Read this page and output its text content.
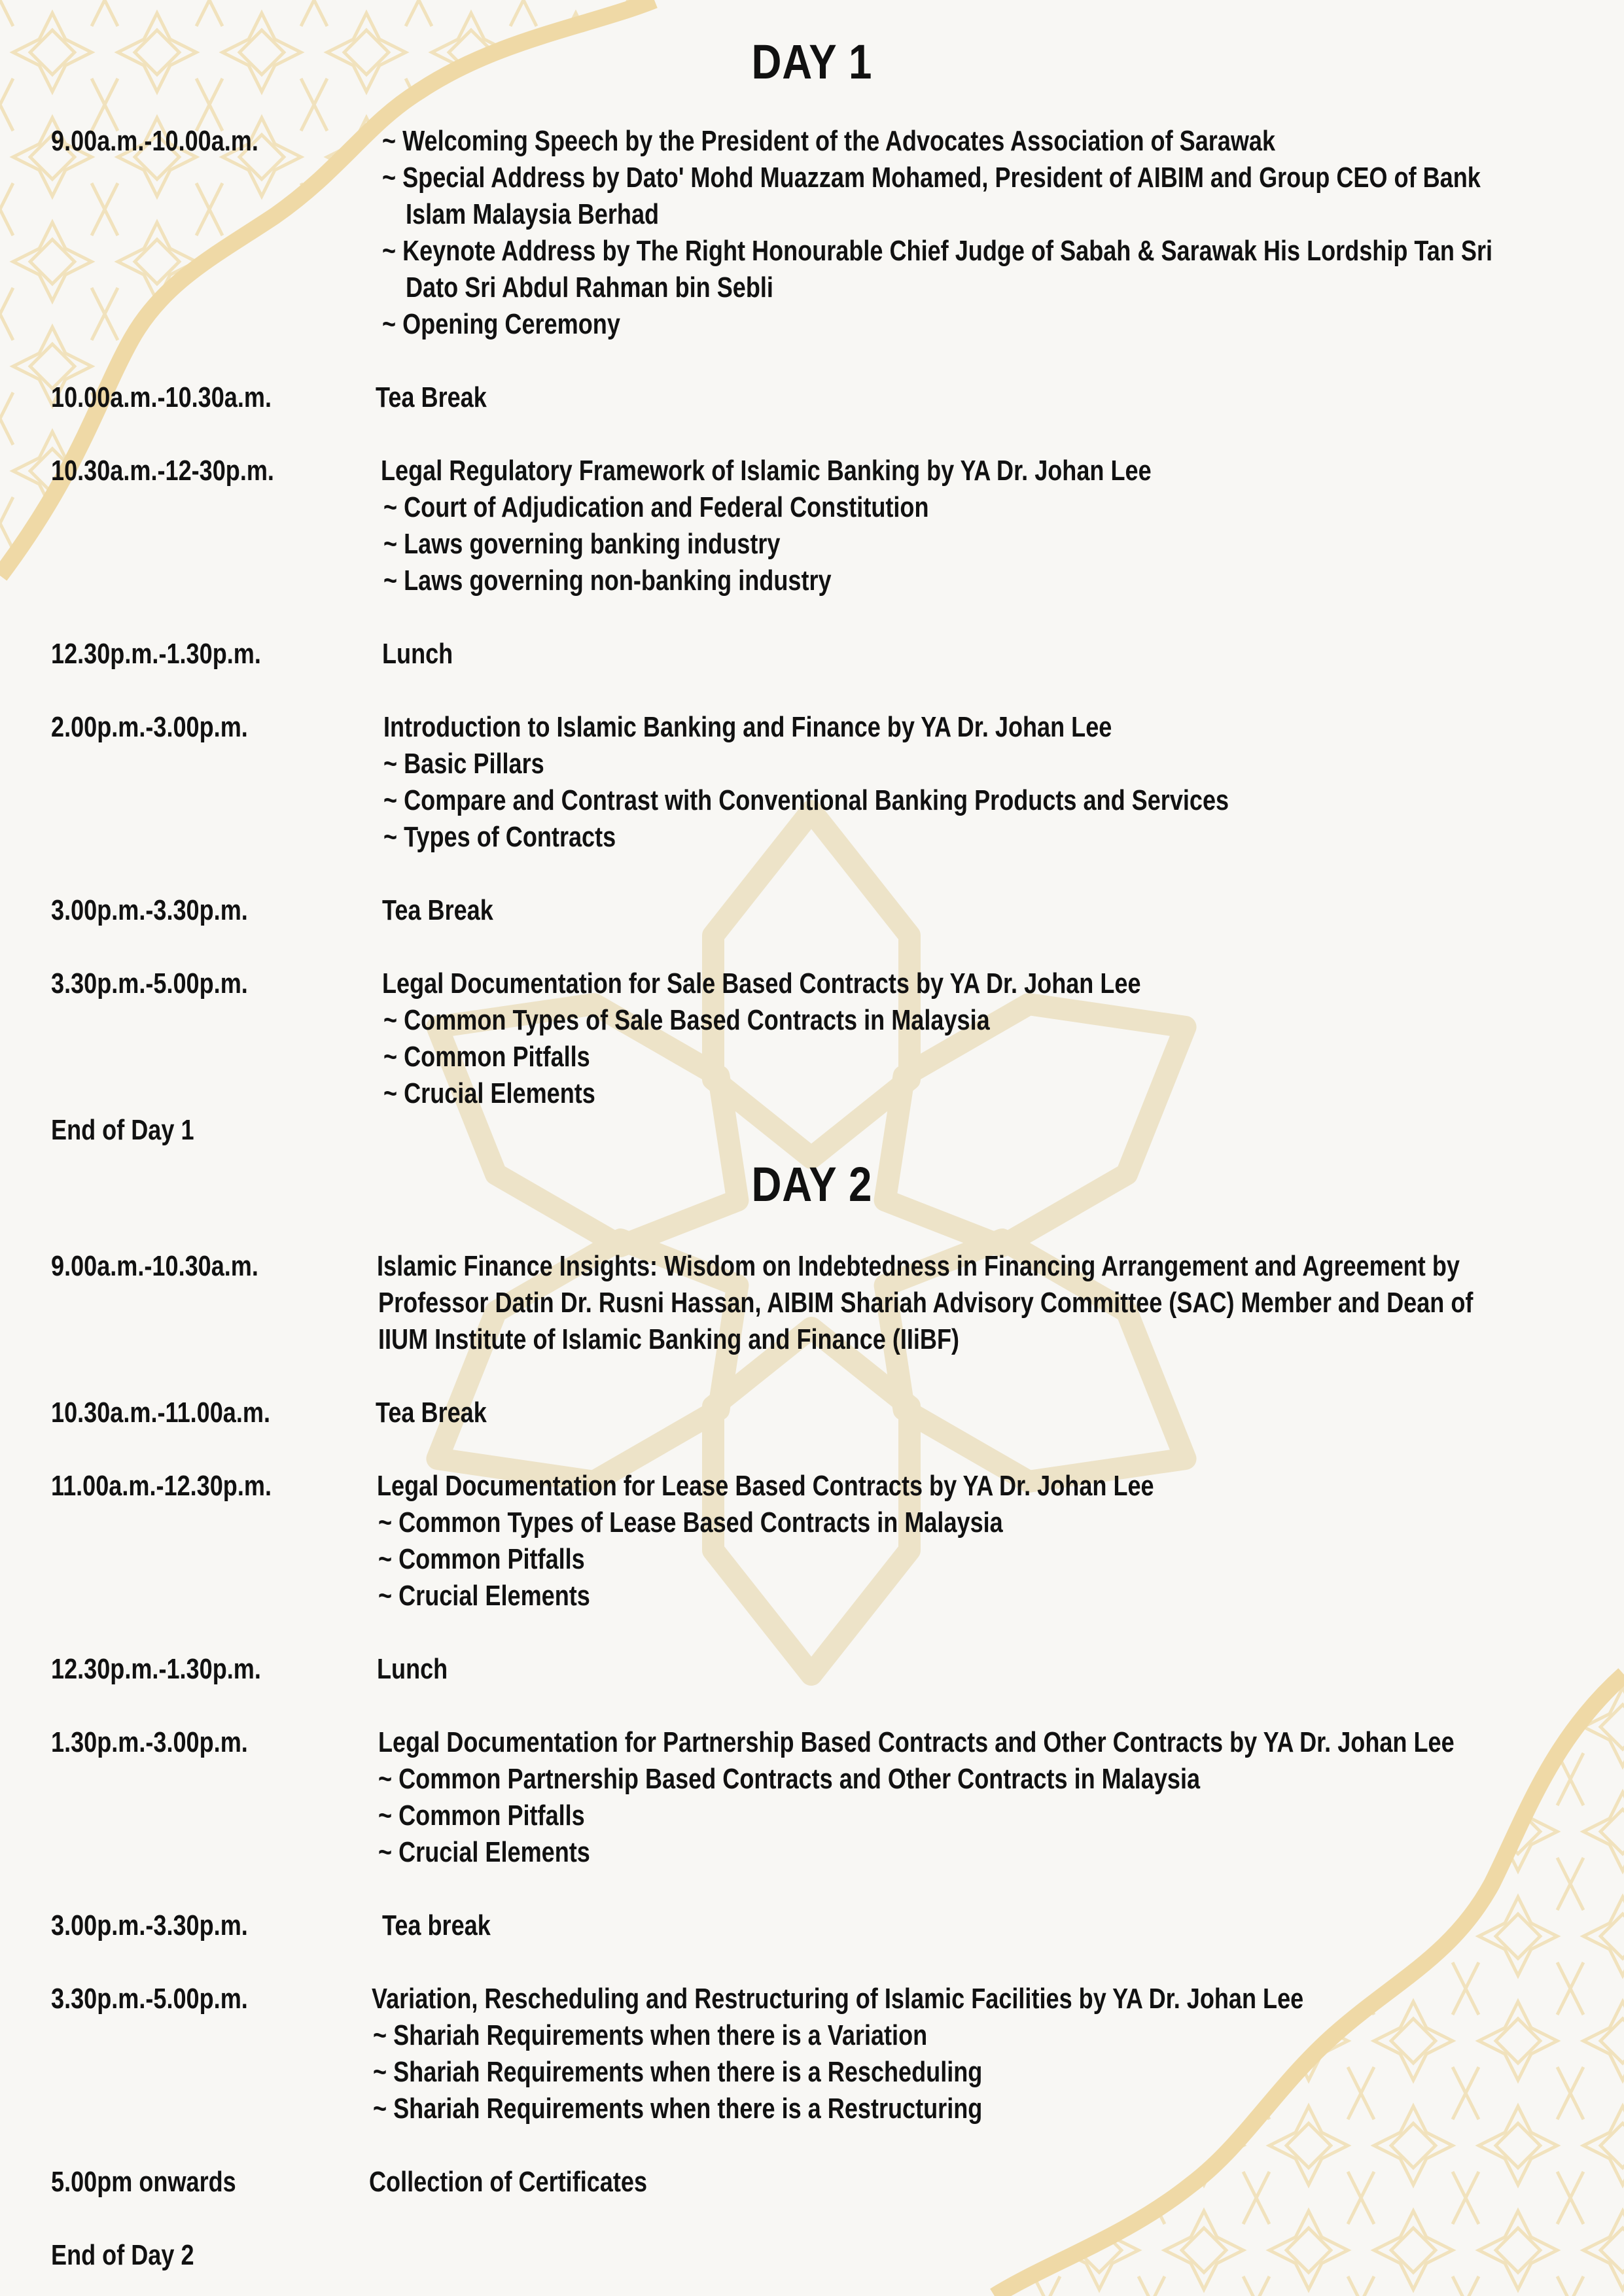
DAY 1
9.00a.m.-10.00a.m.	~ Welcoming Speech by the President of the Advocates Association of Sarawak
~ Special Address by Dato' Mohd Muazzam Mohamed, President of AIBIM and Group CEO of Bank
Islam Malaysia Berhad
~ Keynote Address by The Right Honourable Chief Judge of Sabah & Sarawak His Lordship Tan Sri
Dato Sri Abdul Rahman bin Sebli
~ Opening Ceremony
10.00a.m.-10.30a.m.	Tea Break
10.30a.m.-12-30p.m.	Legal Regulatory Framework of Islamic Banking by YA Dr. Johan Lee
~ Court of Adjudication and Federal Constitution
~ Laws governing banking industry
~ Laws governing non-banking industry
12.30p.m.-1.30p.m.	Lunch
2.00p.m.-3.00p.m.	Introduction to Islamic Banking and Finance by YA Dr. Johan Lee
~ Basic Pillars
~ Compare and Contrast with Conventional Banking Products and Services
~ Types of Contracts
3.00p.m.-3.30p.m.	Tea Break
3.30p.m.-5.00p.m.	Legal Documentation for Sale Based Contracts by YA Dr. Johan Lee
~ Common Types of Sale Based Contracts in Malaysia
~ Common Pitfalls
~ Crucial Elements
End of Day 1
DAY 2
9.00a.m.-10.30a.m.	Islamic Finance Insights: Wisdom on Indebtedness in Financing Arrangement and Agreement by
Professor Datin Dr. Rusni Hassan, AIBIM Shariah Advisory Committee (SAC) Member and Dean of
IIUM Institute of Islamic Banking and Finance (IIiBF)
10.30a.m.-11.00a.m.	Tea Break
11.00a.m.-12.30p.m.	Legal Documentation for Lease Based Contracts by YA Dr. Johan Lee
~ Common Types of Lease Based Contracts in Malaysia
~ Common Pitfalls
~ Crucial Elements
12.30p.m.-1.30p.m.	Lunch
1.30p.m.-3.00p.m.	Legal Documentation for Partnership Based Contracts and Other Contracts by YA Dr. Johan Lee
~ Common Partnership Based Contracts and Other Contracts in Malaysia
~ Common Pitfalls
~ Crucial Elements
3.00p.m.-3.30p.m.	Tea break
3.30p.m.-5.00p.m.	Variation, Rescheduling and Restructuring of Islamic Facilities by YA Dr. Johan Lee
~ Shariah Requirements when there is a Variation
~ Shariah Requirements when there is a Rescheduling
~ Shariah Requirements when there is a Restructuring
5.00pm onwards	Collection of Certificates
End of Day 2
